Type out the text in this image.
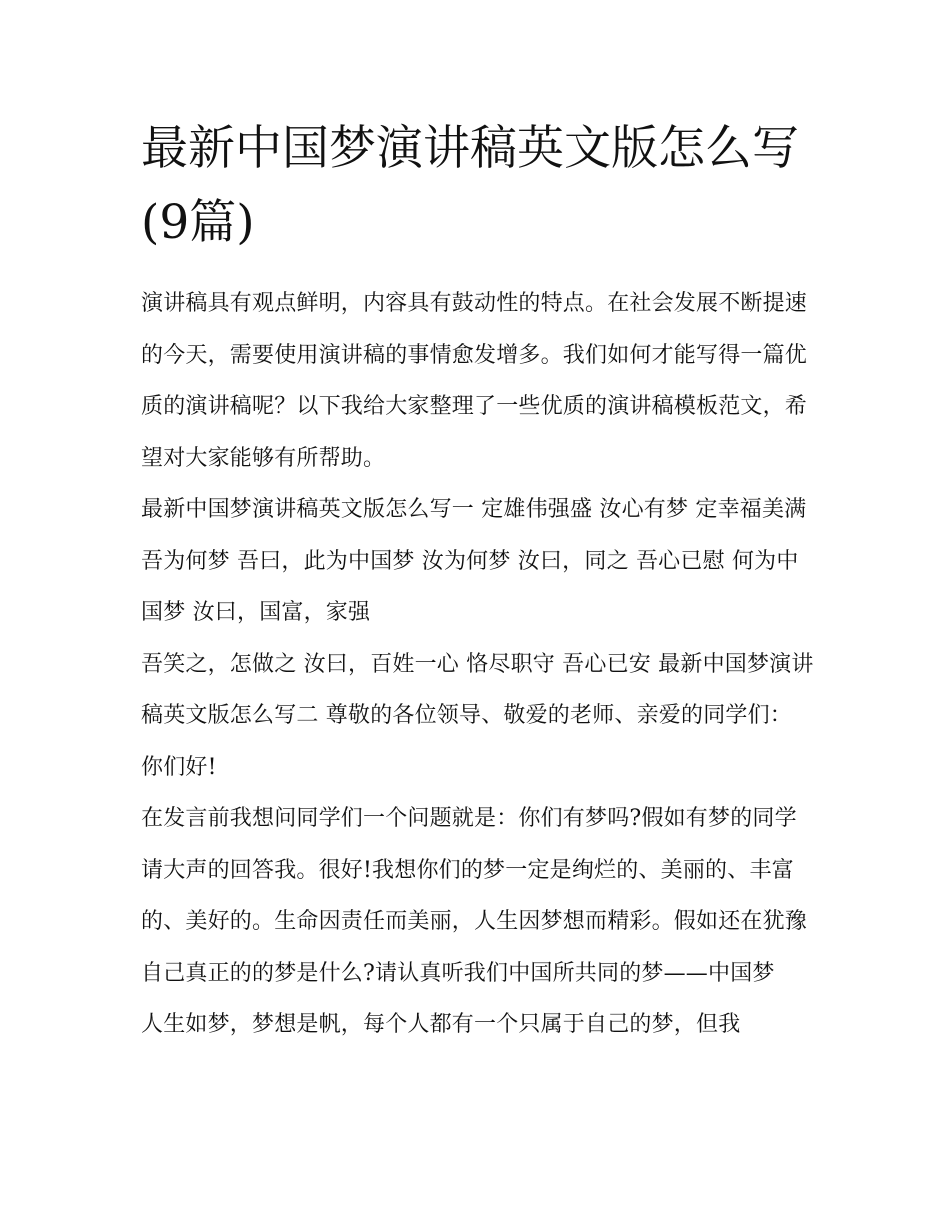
最新中国梦演讲稿英文版怎么写(9篇)

演讲稿具有观点鲜明，内容具有鼓动性的特点。在社会发展不断提速的今天，需要使用演讲稿的事情愈发增多。我们如何才能写得一篇优质的演讲稿呢？以下我给大家整理了一些优质的演讲稿模板范文，希望对大家能够有所帮助。

最新中国梦演讲稿英文版怎么写一 定雄伟强盛 汝心有梦 定幸福美满 吾为何梦 吾曰，此为中国梦 汝为何梦 汝曰，同之 吾心已慰 何为中国梦 汝曰，国富，家强

吾笑之，怎做之 汝曰，百姓一心 恪尽职守 吾心已安 最新中国梦演讲稿英文版怎么写二 尊敬的各位领导、敬爱的老师、亲爱的同学们： 你们好!

在发言前我想问同学们一个问题就是：你们有梦吗?假如有梦的同学请大声的回答我。很好!我想你们的梦一定是绚烂的、美丽的、丰富的、美好的。生命因责任而美丽，人生因梦想而精彩。假如还在犹豫自己真正的的梦是什么?请认真听我们中国所共同的梦——中国梦

人生如梦，梦想是帆，每个人都有一个只属于自己的梦，但我
